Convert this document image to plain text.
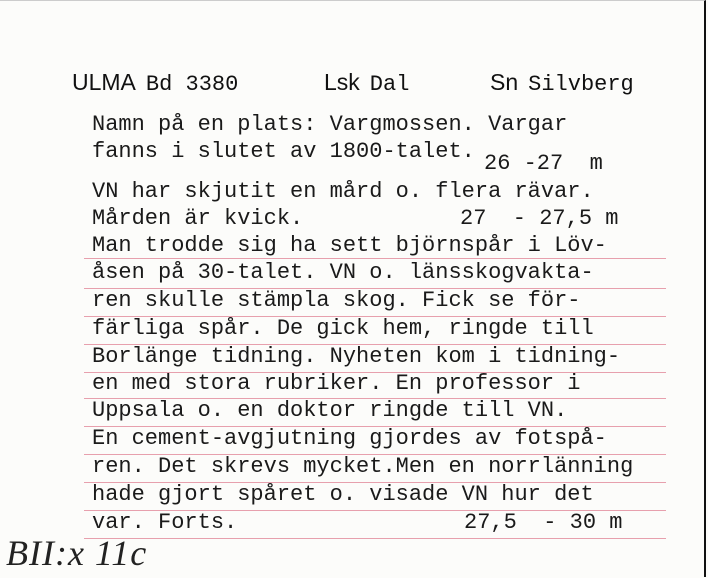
ULMA Bd 3380	Lsk Dal	Sn Silvberg
Namn på en plats: Vargmossen. Vargar
fanns i slutet av 1800-talet. 26 -27  m
VN har skjutit en mård o. flera rävar.
Mården är kvick.	27  - 27,5 m
Man trodde sig ha sett björnspår i Löv-
åsen på 30-talet. VN o. länsskogvakta-
ren skulle stämpla skog. Fick se för-
färliga spår. De gick hem, ringde till
Borlänge tidning. Nyheten kom i tidning-
en med stora rubriker. En professor i
Uppsala o. en doktor ringde till VN.
En cement-avgjutning gjordes av fotspå-
ren. Det skrevs mycket.Men en norrlänning
hade gjort spåret o. visade VN hur det
var. Forts.	27,5  - 30 m
BII:x 11c
